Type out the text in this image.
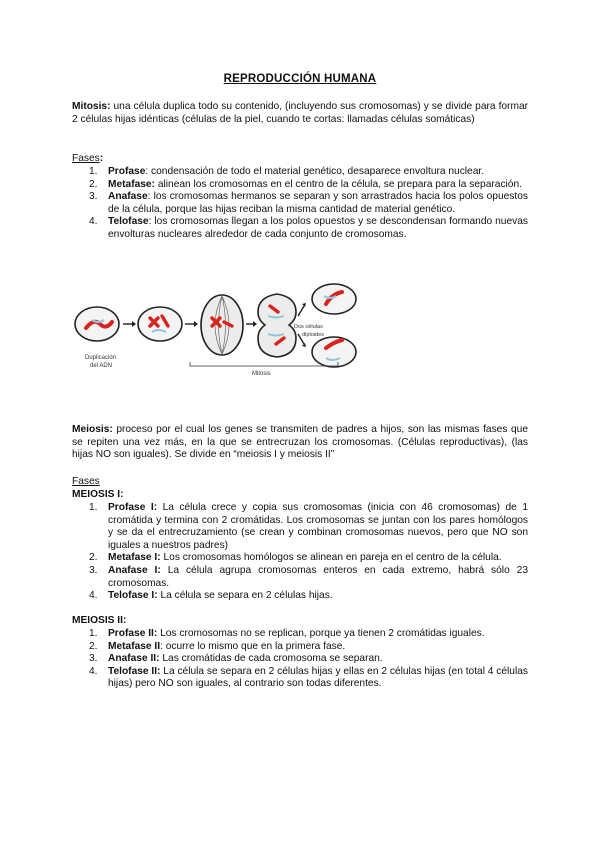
REPRODUCCIÓN HUMANA
Mitosis: una célula duplica todo su contenido, (incluyendo sus cromosomas) y se divide para formar 2 células hijas idénticas (células de la piel, cuando te cortas: llamadas células somáticas)
Fases:
1. Profase: condensación de todo el material genético, desaparece envoltura nuclear.
2. Metafase: alinean los cromosomas en el centro de la célula, se prepara para la separación.
3. Anafase: los cromosomas hermanos se separan y son arrastrados hacia los polos opuestos de la célula, porque las hijas reciban la misma cantidad de material genético.
4. Telofase: los cromosomas llegan a los polos opuestos y se descondensan formando nuevas envolturas nucleares alrededor de cada conjunto de cromosomas.
Duplicación
del ADN
Mitosis
Dos células
diploides
Meiosis: proceso por el cual los genes se transmiten de padres a hijos, son las mismas fases que se repiten una vez más, en la que se entrecruzan los cromosomas. (Células reproductivas), (las hijas NO son iguales). Se divide en “meiosis I y meiosis II”
Fases
MEIOSIS I:
1. Profase I: La célula crece y copia sus cromosomas (inicia con 46 cromosomas) de 1 cromátida y termina con 2 cromátidas. Los cromosomas se juntan con los pares homólogos y se da el entrecruzamiento (se crean y combinan cromosomas nuevos, pero que NO son iguales a nuestros padres)
2. Metafase I: Los cromosomas homólogos se alinean en pareja en el centro de la célula.
3. Anafase I: La célula agrupa cromosomas enteros en cada extremo, habrá sólo 23 cromosomas.
4. Telofase I: La célula se separa en 2 células hijas.
MEIOSIS II:
1. Profase II: Los cromosomas no se replican, porque ya tienen 2 cromátidas iguales.
2. Metafase II: ocurre lo mismo que en la primera fase.
3. Anafase II: Las cromátidas de cada cromosoma se separan.
4. Telofase II: La célula se separa en 2 células hijas y ellas en 2 células hijas (en total 4 células hijas) pero NO son iguales, al contrario son todas diferentes.
